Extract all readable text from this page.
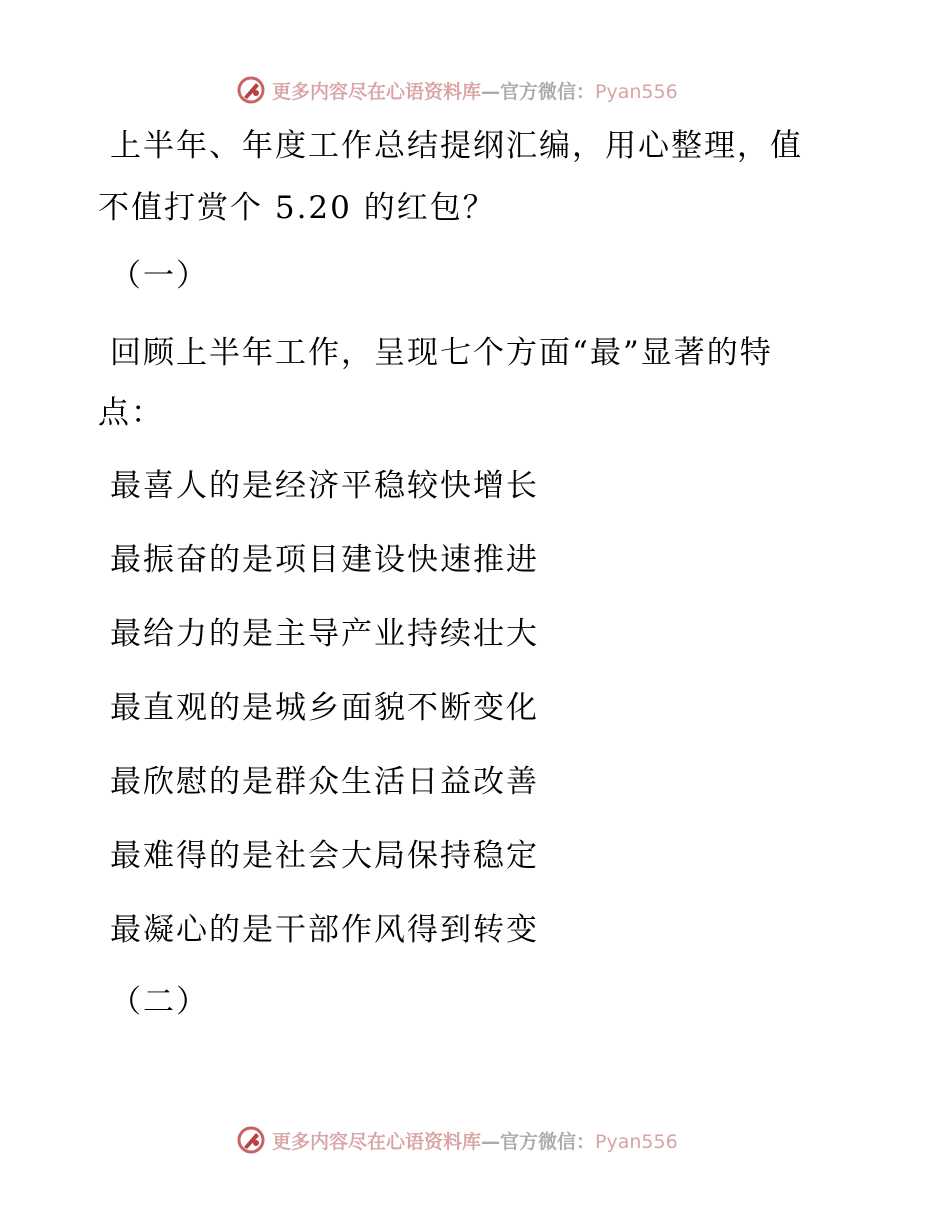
更多内容尽在心语资料库—官方微信：Pyan556

上半年、年度工作总结提纲汇编，用心整理，值

不值打赏个 5.20 的红包？

（一）

回顾上半年工作，呈现七个方面“最”显著的特

点：

最喜人的是经济平稳较快增长

最振奋的是项目建设快速推进

最给力的是主导产业持续壮大

最直观的是城乡面貌不断变化

最欣慰的是群众生活日益改善

最难得的是社会大局保持稳定

最凝心的是干部作风得到转变

（二）

更多内容尽在心语资料库—官方微信：Pyan556
